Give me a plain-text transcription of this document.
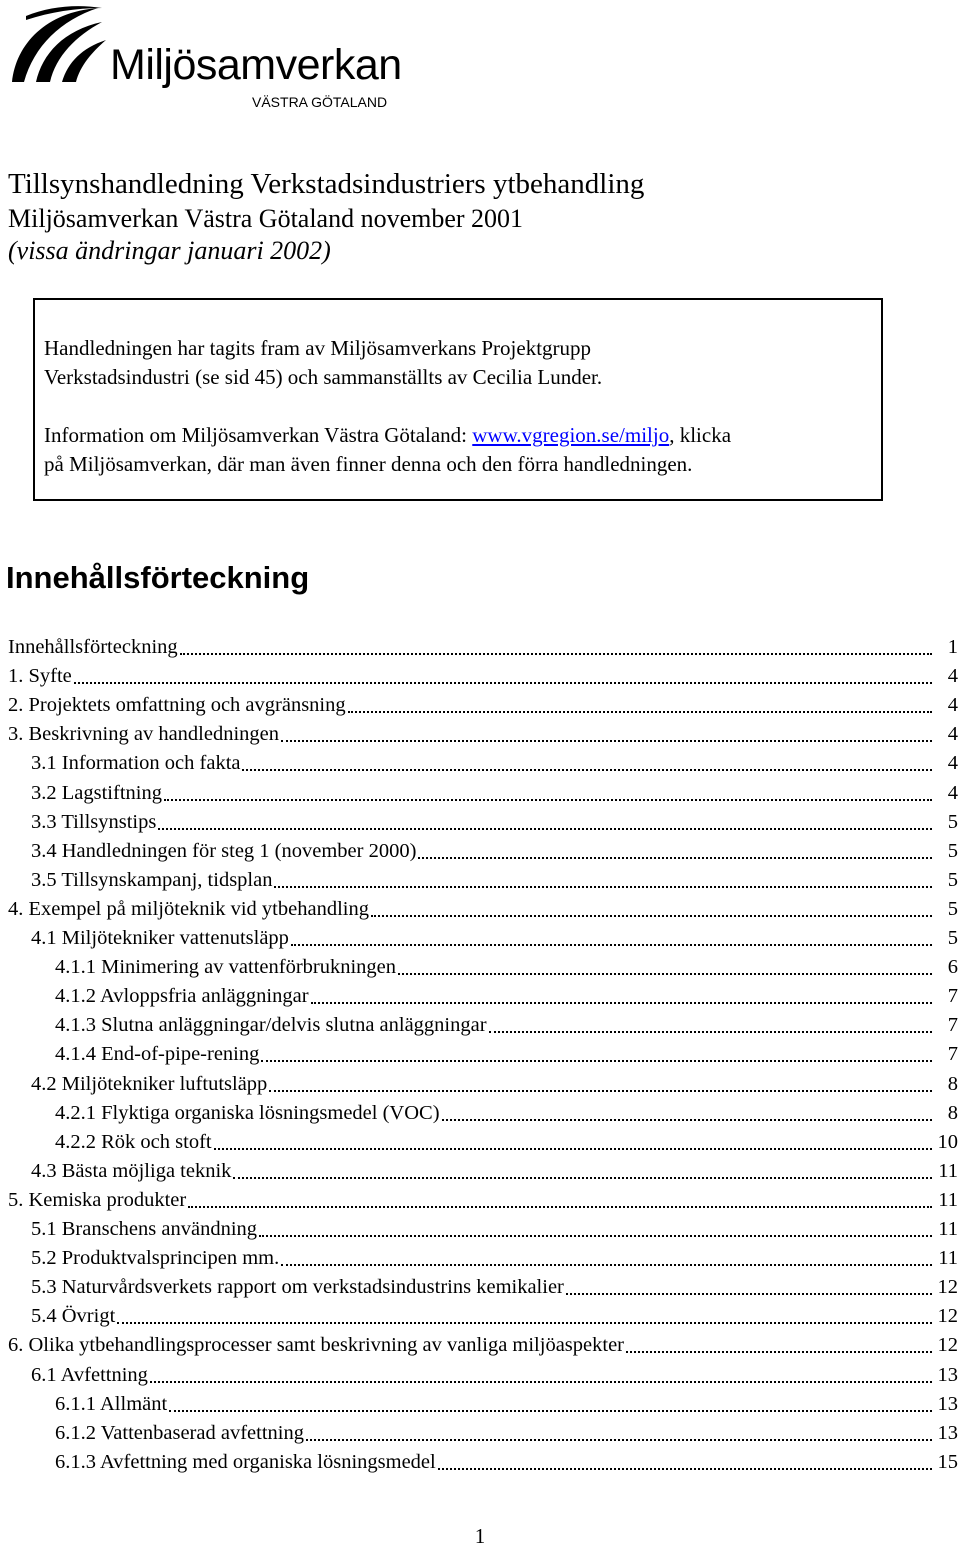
Miljösamverkan
VÄSTRA GÖTALAND
Tillsynshandledning Verkstadsindustriers ytbehandling
Miljösamverkan Västra Götaland november 2001
(vissa ändringar januari 2002)

Handledningen har tagits fram av Miljösamverkans Projektgrupp

Verkstadsindustri (se sid 45) och sammanställts av Cecilia Lunder.

Information om Miljösamverkan Västra Götaland: www.vgregion.se/miljo, klicka

på Miljösamverkan, där man även finner denna och den förra handledningen.

Innehållsförteckning
Innehållsförteckning	1
1. Syfte	4
2. Projektets omfattning och avgränsning	4
3. Beskrivning av handledningen	4
3.1 Information och fakta	4
3.2 Lagstiftning	4
3.3 Tillsynstips	5
3.4 Handledningen för steg 1 (november 2000)	5
3.5 Tillsynskampanj, tidsplan	5
4. Exempel på miljöteknik vid ytbehandling	5
4.1 Miljötekniker vattenutsläpp	5
4.1.1 Minimering av vattenförbrukningen	6
4.1.2 Avloppsfria anläggningar	7
4.1.3 Slutna anläggningar/delvis slutna anläggningar	7
4.1.4 End-of-pipe-rening	7
4.2 Miljötekniker luftutsläpp	8
4.2.1 Flyktiga organiska lösningsmedel (VOC)	8
4.2.2 Rök och stoft	10
4.3 Bästa möjliga teknik	11
5. Kemiska produkter	11
5.1 Branschens användning	11
5.2 Produktvalsprincipen mm.	11
5.3 Naturvårdsverkets rapport om verkstadsindustrins kemikalier	12
5.4 Övrigt	12
6. Olika ytbehandlingsprocesser samt beskrivning av vanliga miljöaspekter	12
6.1 Avfettning	13
6.1.1 Allmänt	13
6.1.2 Vattenbaserad avfettning	13
6.1.3 Avfettning med organiska lösningsmedel	15
1
